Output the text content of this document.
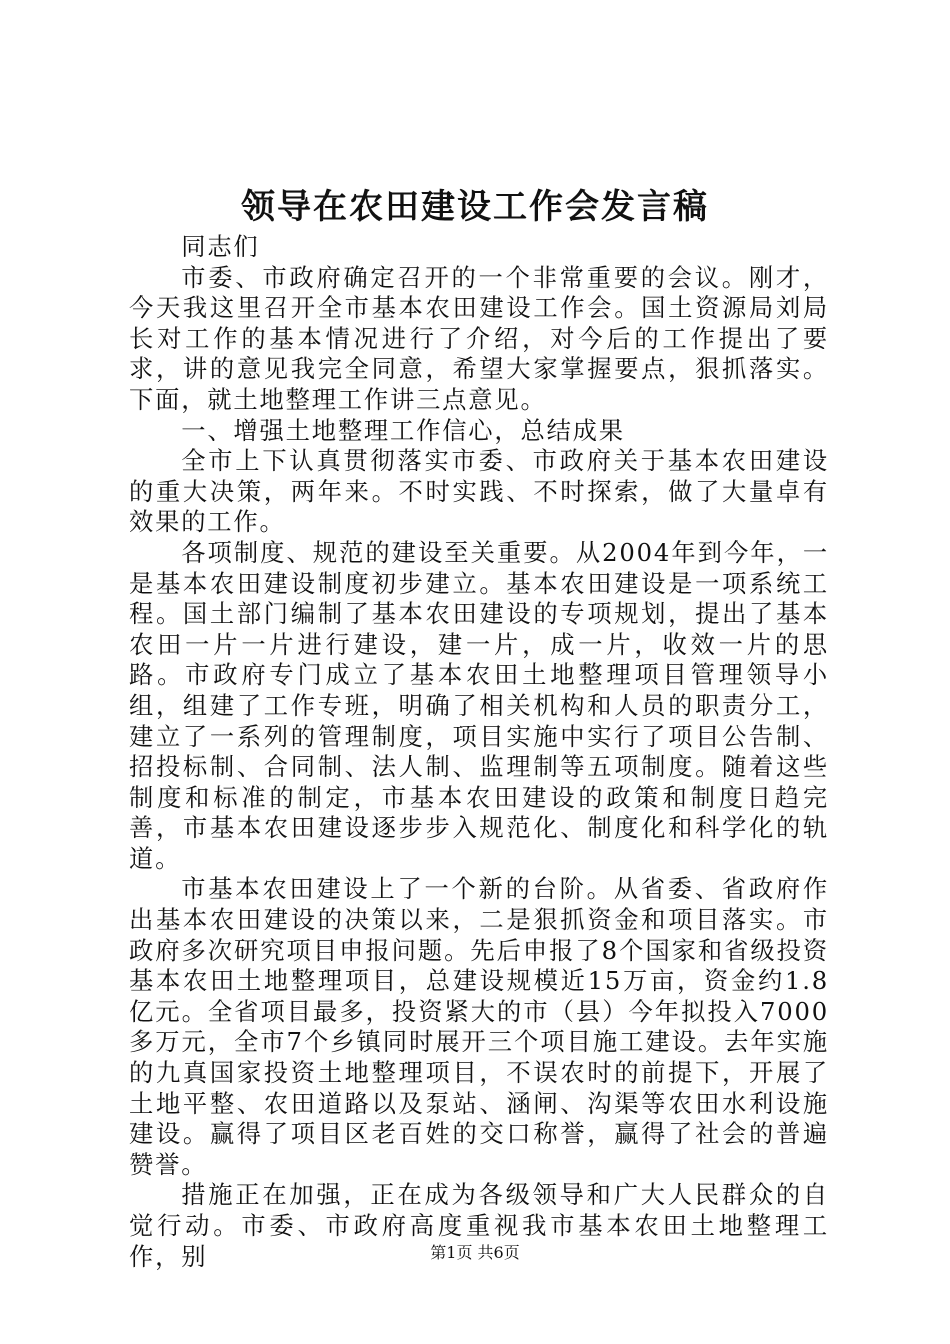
领导在农田建设工作会发言稿

同志们

市委、市政府确定召开的一个非常重要的会议。刚才，今天我这里召开全市基本农田建设工作会。国土资源局刘局长对工作的基本情况进行了介绍，对今后的工作提出了要求，讲的意见我完全同意，希望大家掌握要点，狠抓落实。下面，就土地整理工作讲三点意见。

一、增强土地整理工作信心，总结成果

全市上下认真贯彻落实市委、市政府关于基本农田建设的重大决策，两年来。不时实践、不时探索，做了大量卓有效果的工作。

各项制度、规范的建设至关重要。从2004年到今年，一是基本农田建设制度初步建立。基本农田建设是一项系统工程。国土部门编制了基本农田建设的专项规划，提出了基本农田一片一片进行建设，建一片，成一片，收效一片的思路。市政府专门成立了基本农田土地整理项目管理领导小组，组建了工作专班，明确了相关机构和人员的职责分工，建立了一系列的管理制度，项目实施中实行了项目公告制、招投标制、合同制、法人制、监理制等五项制度。随着这些制度和标准的制定，市基本农田建设的政策和制度日趋完善，市基本农田建设逐步步入规范化、制度化和科学化的轨道。

市基本农田建设上了一个新的台阶。从省委、省政府作出基本农田建设的决策以来，二是狠抓资金和项目落实。市政府多次研究项目申报问题。先后申报了8个国家和省级投资基本农田土地整理项目，总建设规模近15万亩，资金约1.8亿元。全省项目最多，投资紧大的市（县）今年拟投入7000多万元，全市7个乡镇同时展开三个项目施工建设。去年实施的九真国家投资土地整理项目，不误农时的前提下，开展了土地平整、农田道路以及泵站、涵闸、沟渠等农田水利设施建设。赢得了项目区老百姓的交口称誉，赢得了社会的普遍赞誉。

措施正在加强，正在成为各级领导和广大人民群众的自觉行动。市委、市政府高度重视我市基本农田土地整理工作，别	第1页 共6页
